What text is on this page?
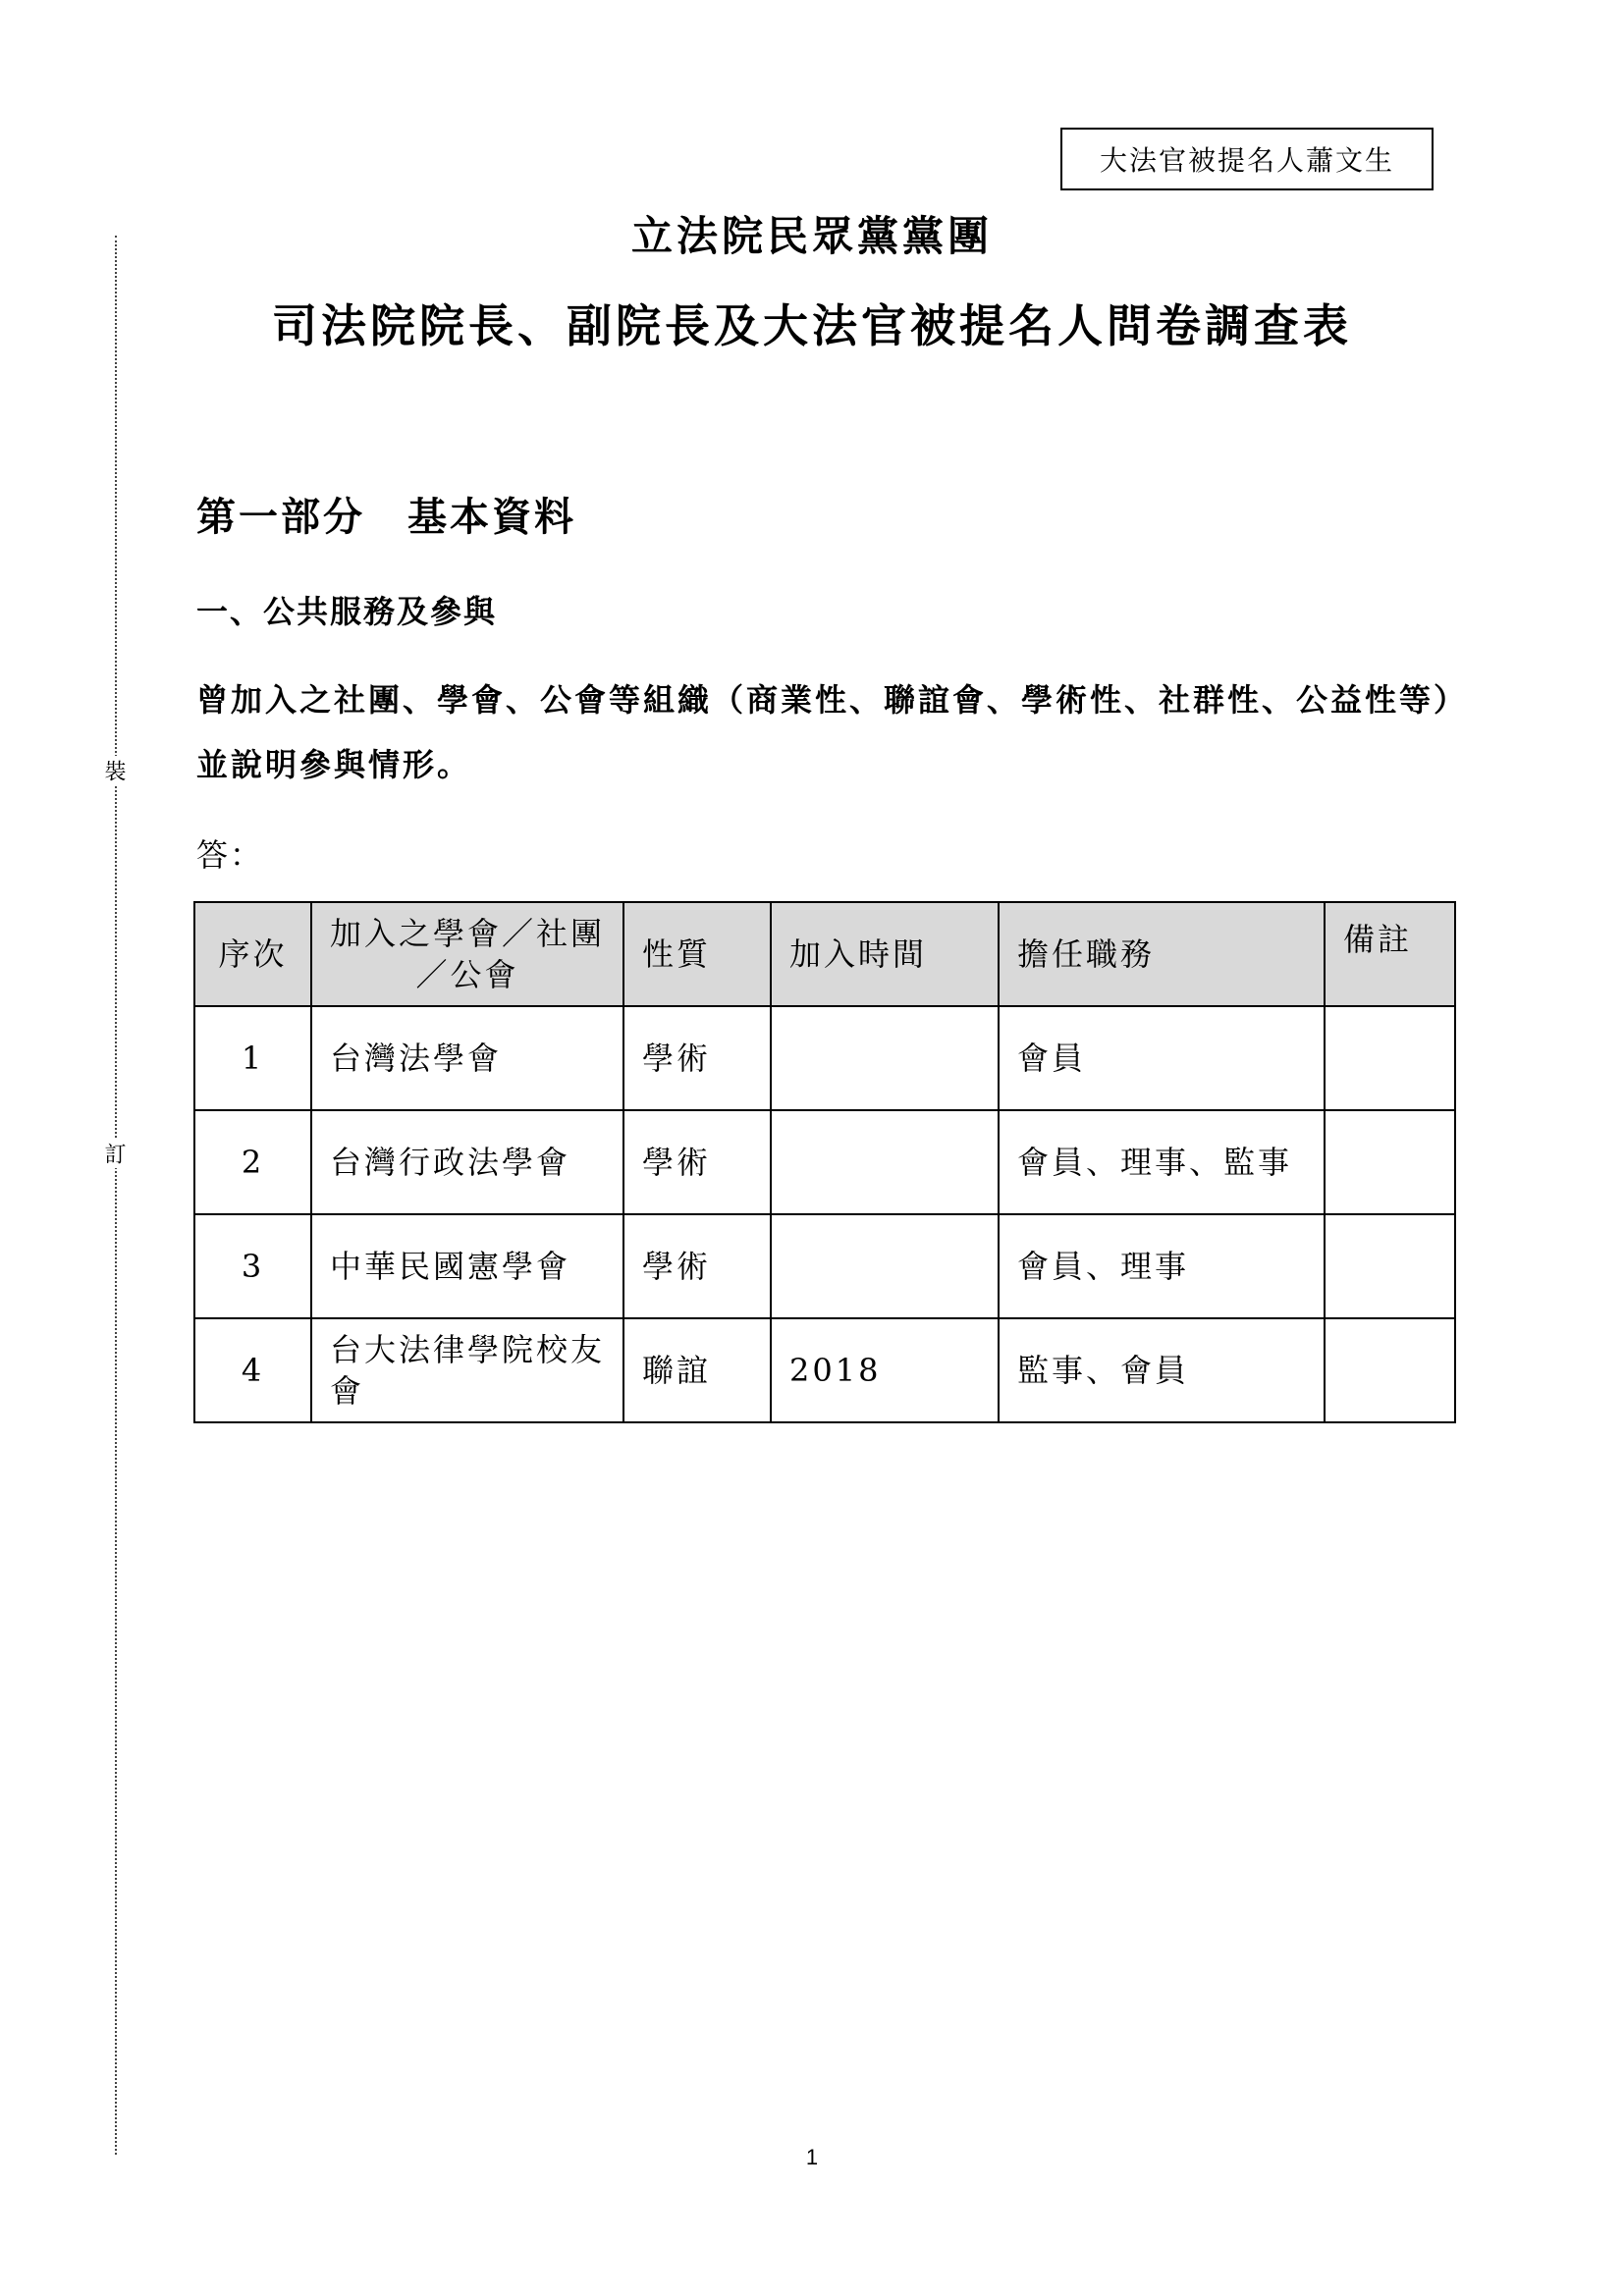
裝
訂
大法官被提名人蕭文生
立法院民眾黨黨團
司法院院長、副院長及大法官被提名人問卷調查表
第一部分　基本資料
一、公共服務及參與
曾加入之社團、學會、公會等組織（商業性、聯誼會、學術性、社群性、公益性等）並說明參與情形。
答：
序次	加入之學會／社團／公會	性質	加入時間	擔任職務	備註
1	台灣法學會	學術		會員	
2	台灣行政法學會	學術		會員、理事、監事	
3	中華民國憲學會	學術		會員、理事	
4	台大法律學院校友會	聯誼	2018	監事、會員	
1
